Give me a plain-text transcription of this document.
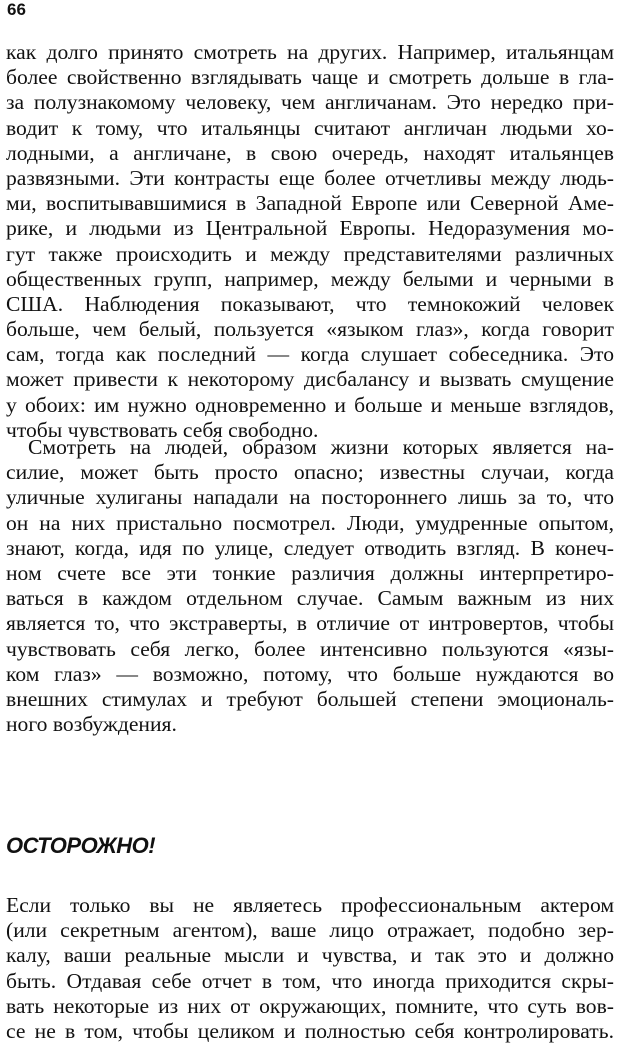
66

как долго принято смотреть на других. Например, итальянцам
более свойственно взглядывать чаще и смотреть дольше в гла-
за полузнакомому человеку, чем англичанам. Это нередко при-
водит к тому, что итальянцы считают англичан людьми хо-
лодными, а англичане, в свою очередь, находят итальянцев
развязными. Эти контрасты еще более отчетливы между людь-
ми, воспитывавшимися в Западной Европе или Северной Аме-
рике, и людьми из Центральной Европы. Недоразумения мо-
гут также происходить и между представителями различных
общественных групп, например, между белыми и черными в
США. Наблюдения показывают, что темнокожий человек
больше, чем белый, пользуется «языком глаз», когда говорит
сам, тогда как последний — когда слушает собеседника. Это
может привести к некоторому дисбалансу и вызвать смущение
у обоих: им нужно одновременно и больше и меньше взглядов,
чтобы чувствовать себя свободно.

Смотреть на людей, образом жизни которых является на-
силие, может быть просто опасно; известны случаи, когда
уличные хулиганы нападали на постороннего лишь за то, что
он на них пристально посмотрел. Люди, умудренные опытом,
знают, когда, идя по улице, следует отводить взгляд. В конеч-
ном счете все эти тонкие различия должны интерпретиро-
ваться в каждом отдельном случае. Самым важным из них
является то, что экстраверты, в отличие от интровертов, чтобы
чувствовать себя легко, более интенсивно пользуются «язы-
ком глаз» — возможно, потому, что больше нуждаются во
внешних стимулах и требуют большей степени эмоциональ-
ного возбуждения.

ОСТОРОЖНО!

Если только вы не являетесь профессиональным актером
(или секретным агентом), ваше лицо отражает, подобно зер-
калу, ваши реальные мысли и чувства, и так это и должно
быть. Отдавая себе отчет в том, что иногда приходится скры-
вать некоторые из них от окружающих, помните, что суть вов-
се не в том, чтобы целиком и полностью себя контролировать.
